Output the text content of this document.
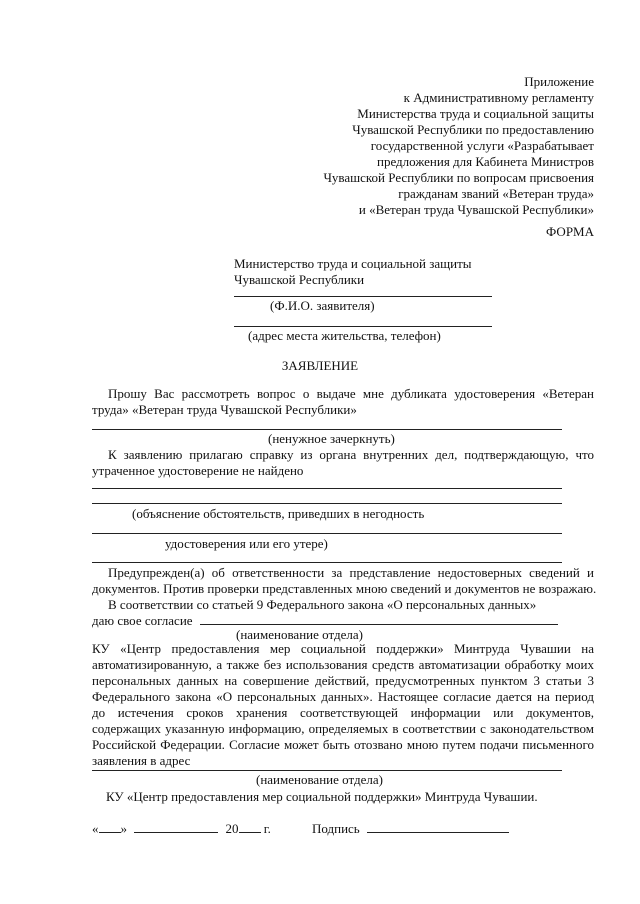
Приложение
к Административному регламенту
Министерства труда и социальной защиты
Чувашской Республики по предоставлению
государственной услуги «Разрабатывает
предложения для Кабинета Министров
Чувашской Республики по вопросам присвоения
гражданам званий «Ветеран труда»
и «Ветеран труда Чувашской Республики»
ФОРМА
Министерство труда и социальной защиты
Чувашской Республики
(Ф.И.О. заявителя)
(адрес места жительства, телефон)
ЗАЯВЛЕНИЕ
Прошу Вас рассмотреть вопрос о выдаче мне дубликата удостоверения «Ветеран
труда» «Ветеран труда Чувашской Республики»
(ненужное зачеркнуть)
К заявлению прилагаю справку из органа внутренних дел, подтверждающую, что
утраченное удостоверение не найдено
(объяснение обстоятельств, приведших в негодность
удостоверения или его утере)
Предупрежден(а) об ответственности за представление недостоверных сведений и
документов. Против проверки представленных мною сведений и документов не возражаю.
В соответствии со статьей 9 Федерального закона «О персональных данных»
даю свое согласие
(наименование отдела)
КУ «Центр предоставления мер социальной поддержки» Минтруда Чувашии на
автоматизированную, а также без использования средств автоматизации обработку моих
персональных данных на совершение действий, предусмотренных пунктом 3 статьи 3
Федерального закона «О персональных данных». Настоящее согласие дается на период
до истечения сроков хранения соответствующей информации или документов,
содержащих указанную информацию, определяемых в соответствии с законодательством
Российской Федерации. Согласие может быть отозвано мною путем подачи письменного
заявления в адрес
(наименование отдела)
КУ «Центр предоставления мер социальной поддержки» Минтруда Чувашии.
« »	20 г.	Подпись
